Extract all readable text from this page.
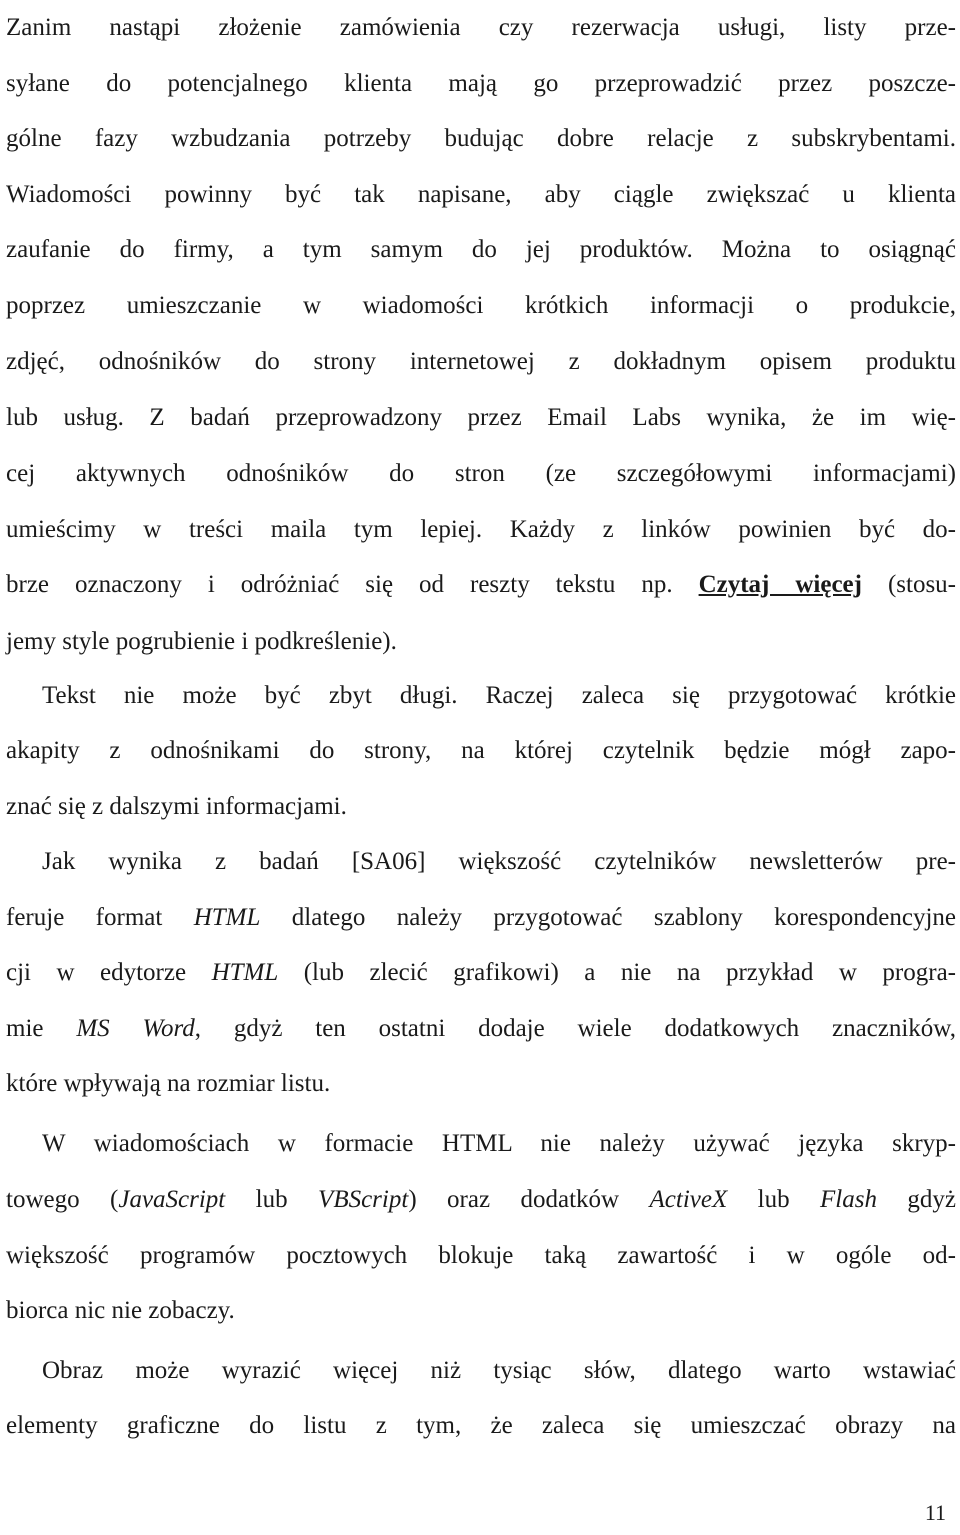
Zanim nastąpi złożenie zamówienia czy rezerwacja usługi, listy prze-
syłane do potencjalnego klienta mają go przeprowadzić przez poszcze-
gólne fazy wzbudzania potrzeby budując dobre relacje z subskrybentami.
Wiadomości powinny być tak napisane, aby ciągle zwiększać u klienta
zaufanie do firmy, a tym samym do jej produktów. Można to osiągnąć
poprzez umieszczanie w wiadomości krótkich informacji o produkcie,
zdjęć, odnośników do strony internetowej z dokładnym opisem produktu
lub usług. Z badań przeprowadzony przez Email Labs wynika, że im wię-
cej aktywnych odnośników do stron (ze szczegółowymi informacjami)
umieścimy w treści maila tym lepiej. Każdy z linków powinien być do-
brze oznaczony i odróżniać się od reszty tekstu np. Czytaj więcej (stosu-
jemy style pogrubienie i podkreślenie).
Tekst nie może być zbyt długi. Raczej zaleca się przygotować krótkie
akapity z odnośnikami do strony, na której czytelnik będzie mógł zapo-
znać się z dalszymi informacjami.
Jak wynika z badań [SA06] większość czytelników newsletterów pre-
feruje format HTML dlatego należy przygotować szablony korespondencyjne
cji w edytorze HTML (lub zlecić grafikowi) a nie na przykład w progra-
mie MS Word, gdyż ten ostatni dodaje wiele dodatkowych znaczników,
które wpływają na rozmiar listu.
W wiadomościach w formacie HTML nie należy używać języka skryp-
towego (JavaScript lub VBScript) oraz dodatków ActiveX lub Flash gdyż
większość programów pocztowych blokuje taką zawartość i w ogóle od-
biorca nic nie zobaczy.
Obraz może wyrazić więcej niż tysiąc słów, dlatego warto wstawiać
elementy graficzne do listu z tym, że zaleca się umieszczać obrazy na
11
